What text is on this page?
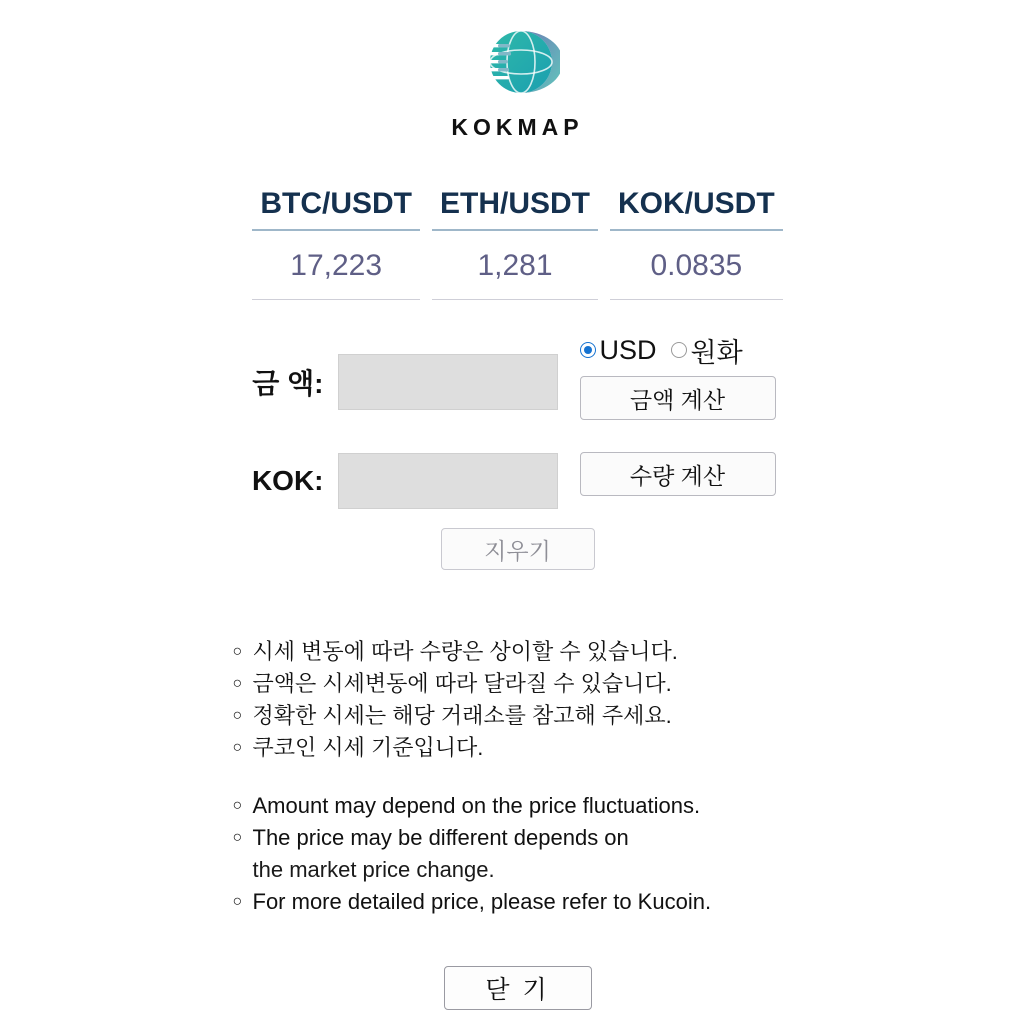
KOKMAP
BTC/USDT
17,223
ETH/USDT
1,281
KOK/USDT
0.0835
금 액:
USD 원화
금액 계산
KOK:	수량 계산
지우기
○ 시세 변동에 따라 수량은 상이할 수 있습니다.
○ 금액은 시세변동에 따라 달라질 수 있습니다.
○ 정확한 시세는 해당 거래소를 참고해 주세요.
○ 쿠코인 시세 기준입니다.
○ Amount may depend on the price fluctuations.
○ The price may be different depends on
the market price change.
○ For more detailed price, please refer to Kucoin.
닫 기
